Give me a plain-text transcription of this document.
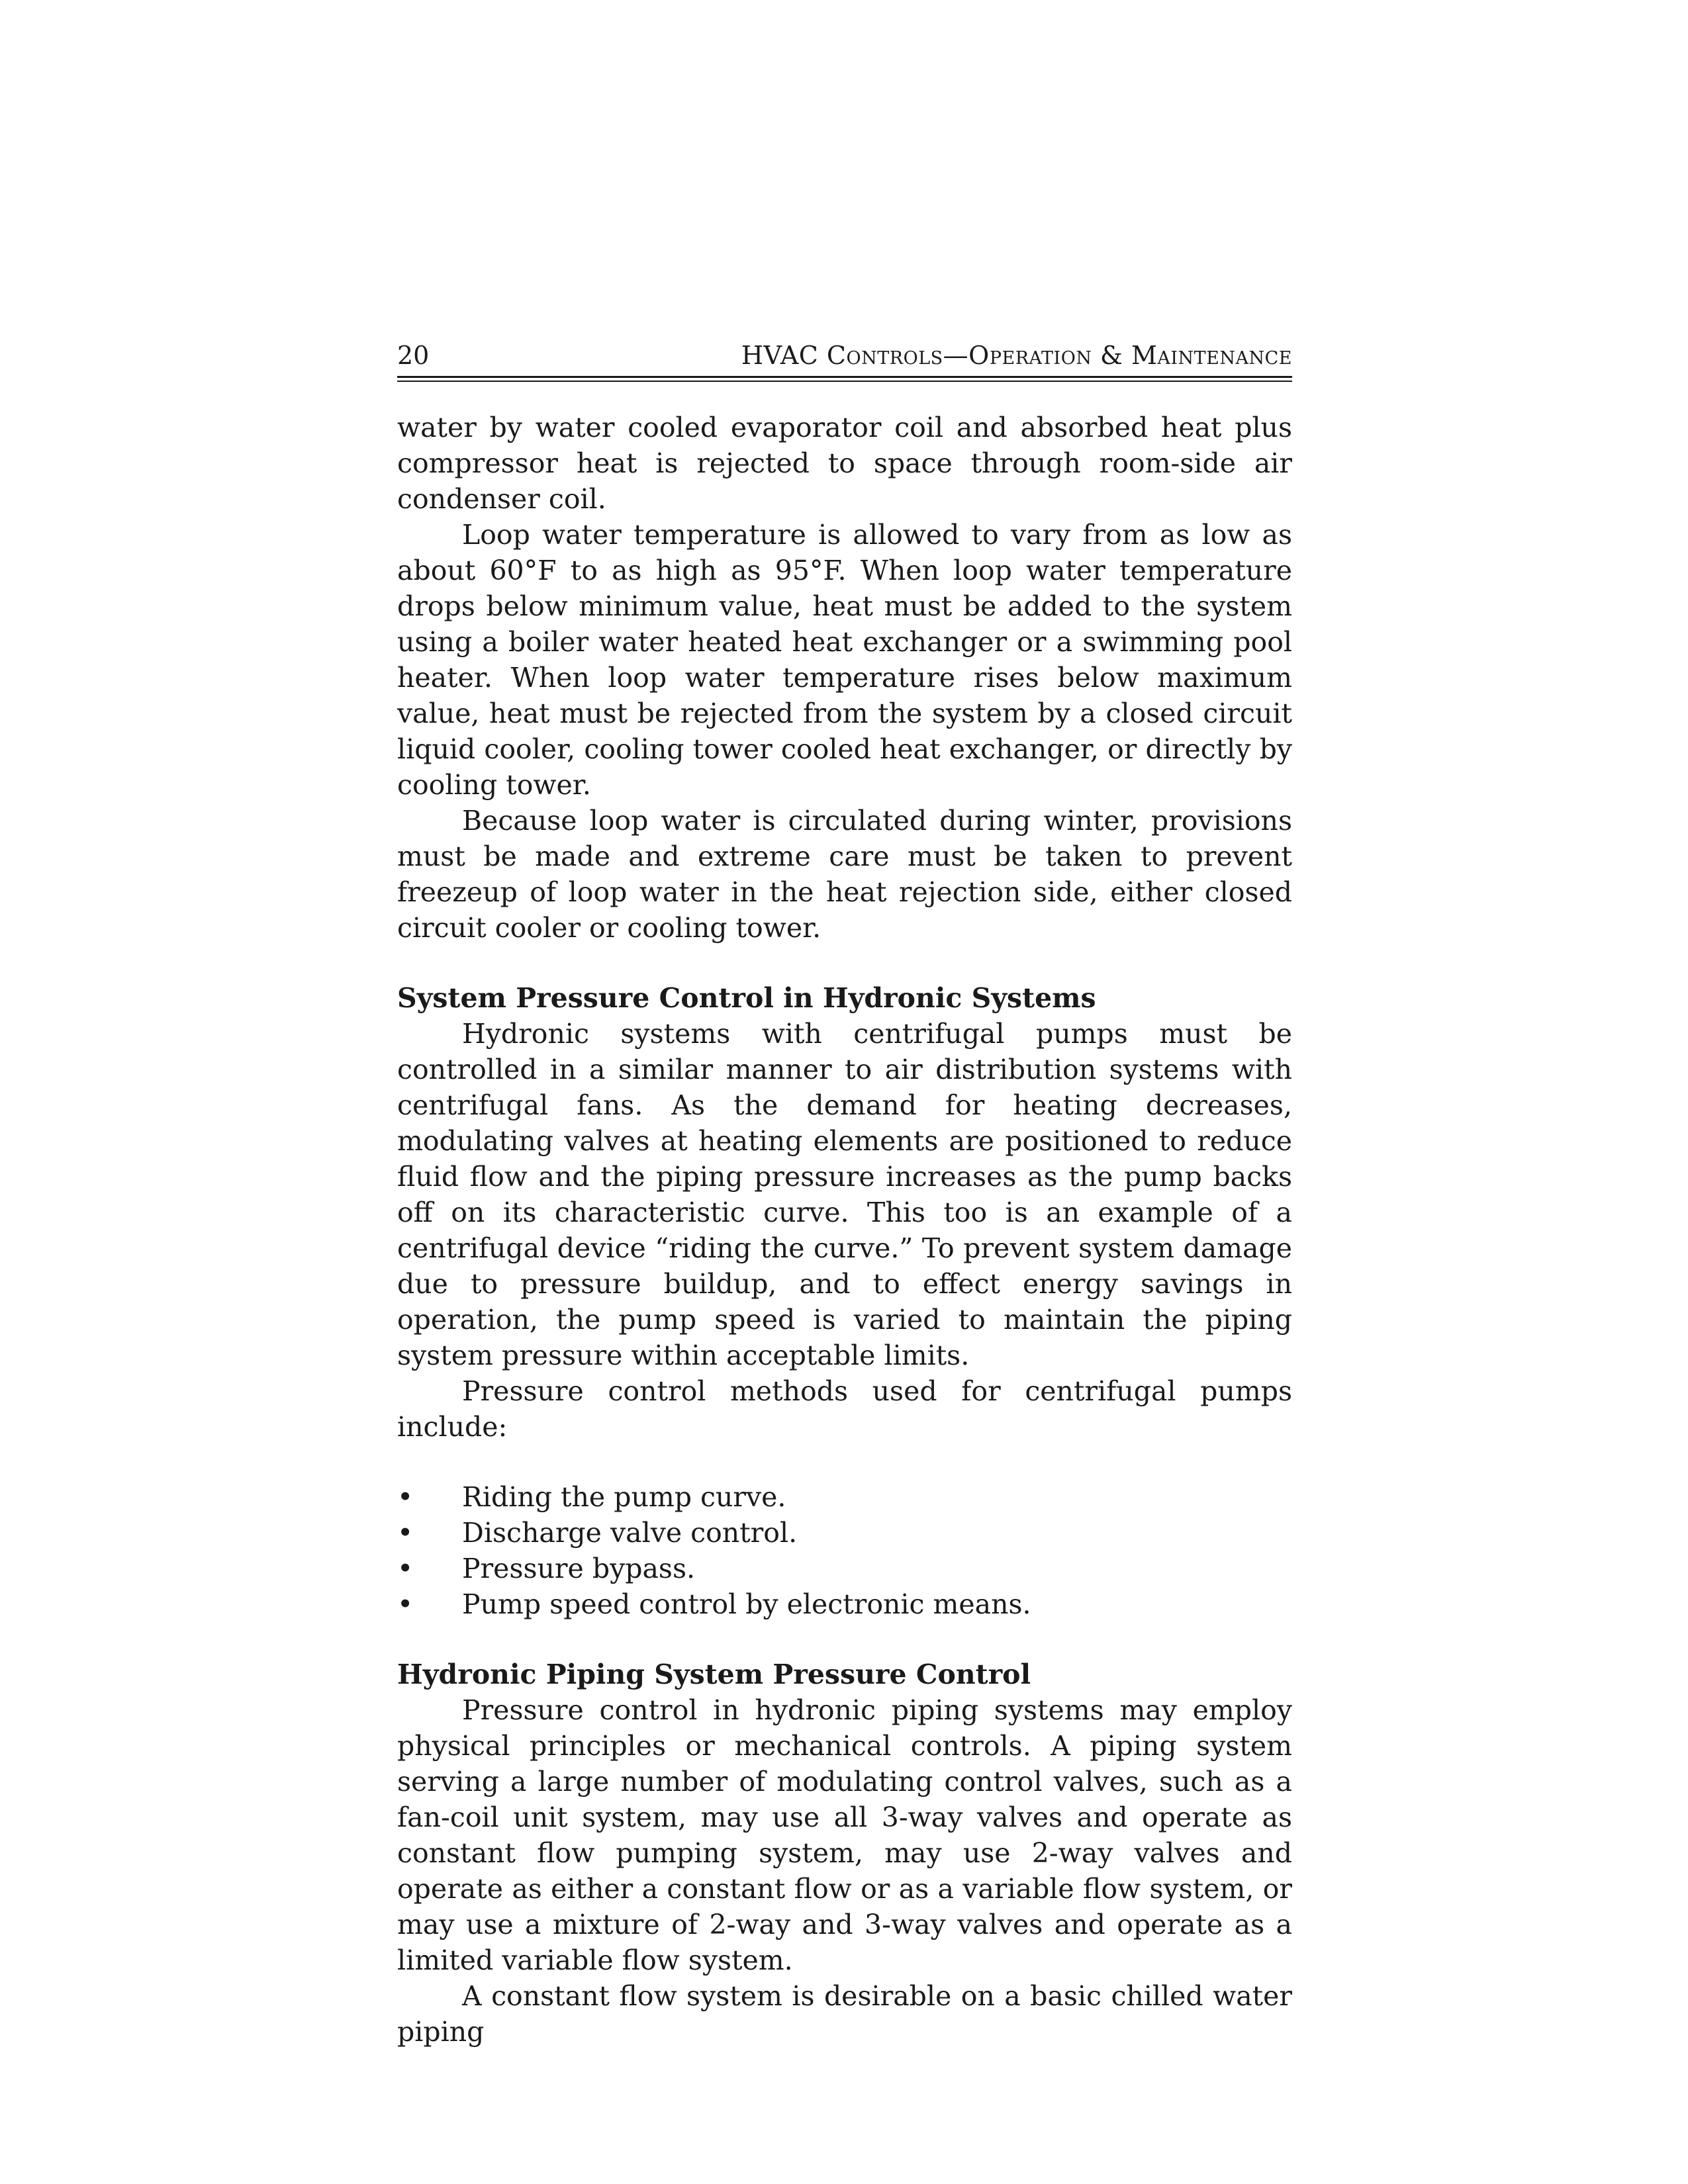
20	HVAC Controls—Operation & Maintenance

water by water cooled evaporator coil and absorbed heat plus compressor heat is rejected to space through room-side air condenser coil.

Loop water temperature is allowed to vary from as low as about 60°F to as high as 95°F. When loop water temperature drops below minimum value, heat must be added to the system using a boiler water heated heat exchanger or a swimming pool heater. When loop water temperature rises below maximum value, heat must be rejected from the system by a closed circuit liquid cooler, cooling tower cooled heat exchanger, or directly by cooling tower.

Because loop water is circulated during winter, provisions must be made and extreme care must be taken to prevent freezeup of loop water in the heat rejection side, either closed circuit cooler or cooling tower.

System Pressure Control in Hydronic Systems

Hydronic systems with centrifugal pumps must be controlled in a similar manner to air distribution systems with centrifugal fans. As the demand for heating decreases, modulating valves at heating elements are positioned to reduce fluid flow and the piping pressure increases as the pump backs off on its characteristic curve. This too is an example of a centrifugal device “riding the curve.” To prevent system damage due to pressure buildup, and to effect energy savings in operation, the pump speed is varied to maintain the piping system pressure within acceptable limits.

Pressure control methods used for centrifugal pumps include:

•	Riding the pump curve.
•	Discharge valve control.
•	Pressure bypass.
•	Pump speed control by electronic means.
Hydronic Piping System Pressure Control

Pressure control in hydronic piping systems may employ physical principles or mechanical controls. A piping system serving a large number of modulating control valves, such as a fan-coil unit system, may use all 3-way valves and operate as constant flow pumping system, may use 2-way valves and operate as either a constant flow or as a variable flow system, or may use a mixture of 2-way and 3-way valves and operate as a limited variable flow system.

A constant flow system is desirable on a basic chilled water piping
